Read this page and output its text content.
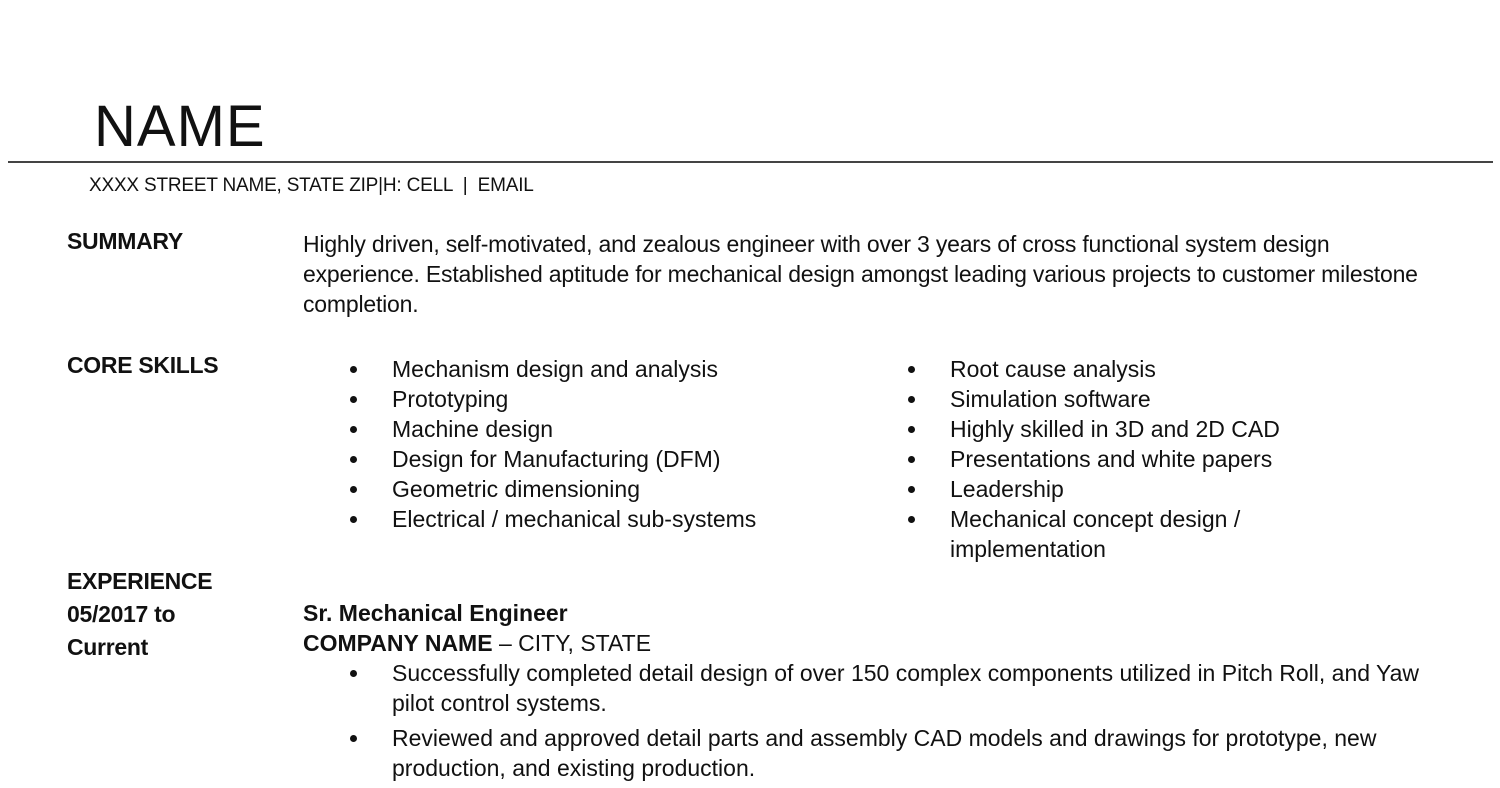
NAME
XXXX STREET NAME, STATE ZIP|H: CELL  |  EMAIL
SUMMARY	Highly driven, self-motivated, and zealous engineer with over 3 years of cross functional system design experience. Established aptitude for mechanical design amongst leading various projects to customer milestone completion.
CORE SKILLS	Mechanism design and analysis
Prototyping
Machine design
Design for Manufacturing (DFM)
Geometric dimensioning
Electrical / mechanical sub-systems
Root cause analysis
Simulation software
Highly skilled in 3D and 2D CAD
Presentations and white papers
Leadership
Mechanical concept design / implementation
EXPERIENCE
05/2017 to
Current
Sr. Mechanical Engineer
COMPANY NAME – CITY, STATE
Successfully completed detail design of over 150 complex components utilized in Pitch Roll, and Yaw pilot control systems.
Reviewed and approved detail parts and assembly CAD models and drawings for prototype, new production, and existing production.
